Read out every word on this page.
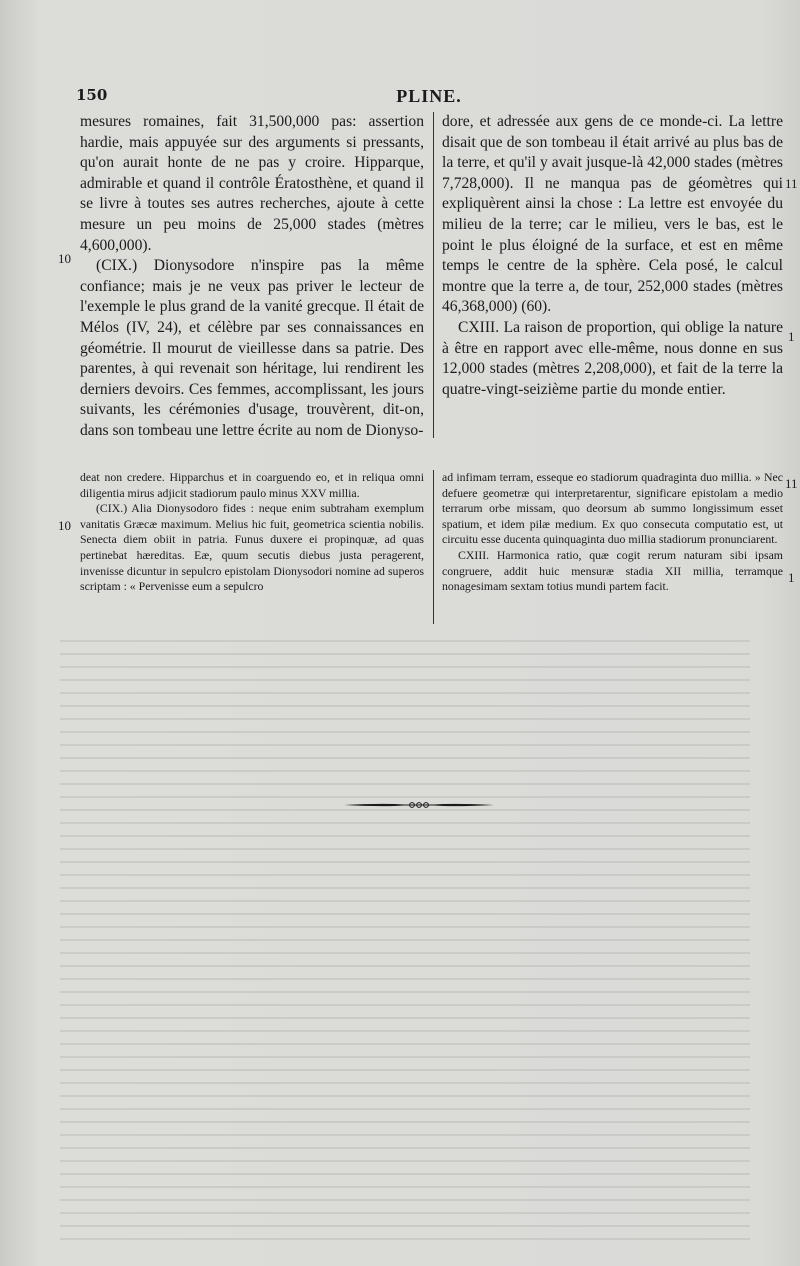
150	PLINE.

mesures romaines, fait 31,500,000 pas: assertion hardie, mais appuyée sur des arguments si pressants, qu'on aurait honte de ne pas y croire. Hipparque, admirable et quand il contrôle Ératosthène, et quand il se livre à toutes ses autres recherches, ajoute à cette mesure un peu moins de 25,000 stades (mètres 4,600,000).

(CIX.) Dionysodore n'inspire pas la même confiance; mais je ne veux pas priver le lecteur de l'exemple le plus grand de la vanité grecque. Il était de Mélos (IV, 24), et célèbre par ses connaissances en géométrie. Il mourut de vieillesse dans sa patrie. Des parentes, à qui revenait son héritage, lui rendirent les derniers devoirs. Ces femmes, accomplissant, les jours suivants, les cérémonies d'usage, trouvèrent, dit-on, dans son tombeau une lettre écrite au nom de Dionyso-

dore, et adressée aux gens de ce monde-ci. La lettre disait que de son tombeau il était arrivé au plus bas de la terre, et qu'il y avait jusque-là 42,000 stades (mètres 7,728,000). Il ne manqua pas de géomètres qui expliquèrent ainsi la chose : La lettre est envoyée du milieu de la terre; car le milieu, vers le bas, est le point le plus éloigné de la surface, et est en même temps le centre de la sphère. Cela posé, le calcul montre que la terre a, de tour, 252,000 stades (mètres 46,368,000) (60).

CXIII. La raison de proportion, qui oblige la nature à être en rapport avec elle-même, nous donne en sus 12,000 stades (mètres 2,208,000), et fait de la terre la quatre-vingt-seizième partie du monde entier.

10
11
1

deat non credere. Hipparchus et in coarguendo eo, et in reliqua omni diligentia mirus adjicit stadiorum paulo minus XXV millia.

(CIX.) Alia Dionysodoro fides : neque enim subtraham exemplum vanitatis Græcæ maximum. Melius hic fuit, geometrica scientia nobilis. Senecta diem obiit in patria. Funus duxere ei propinquæ, ad quas pertinebat hæreditas. Eæ, quum secutis diebus justa peragerent, invenisse dicuntur in sepulcro epistolam Dionysodori nomine ad superos scriptam : « Pervenisse eum a sepulcro

ad infimam terram, esseque eo stadiorum quadraginta duo millia. » Nec defuere geometræ qui interpretarentur, significare epistolam a medio terrarum orbe missam, quo deorsum ab summo longissimum esset spatium, et idem pilæ medium. Ex quo consecuta computatio est, ut circuitu esse ducenta quinquaginta duo millia stadiorum pronunciarent.

CXIII. Harmonica ratio, quæ cogit rerum naturam sibi ipsam congruere, addit huic mensuræ stadia XII millia, terramque nonagesimam sextam totius mundi partem facit.

10
11
1
